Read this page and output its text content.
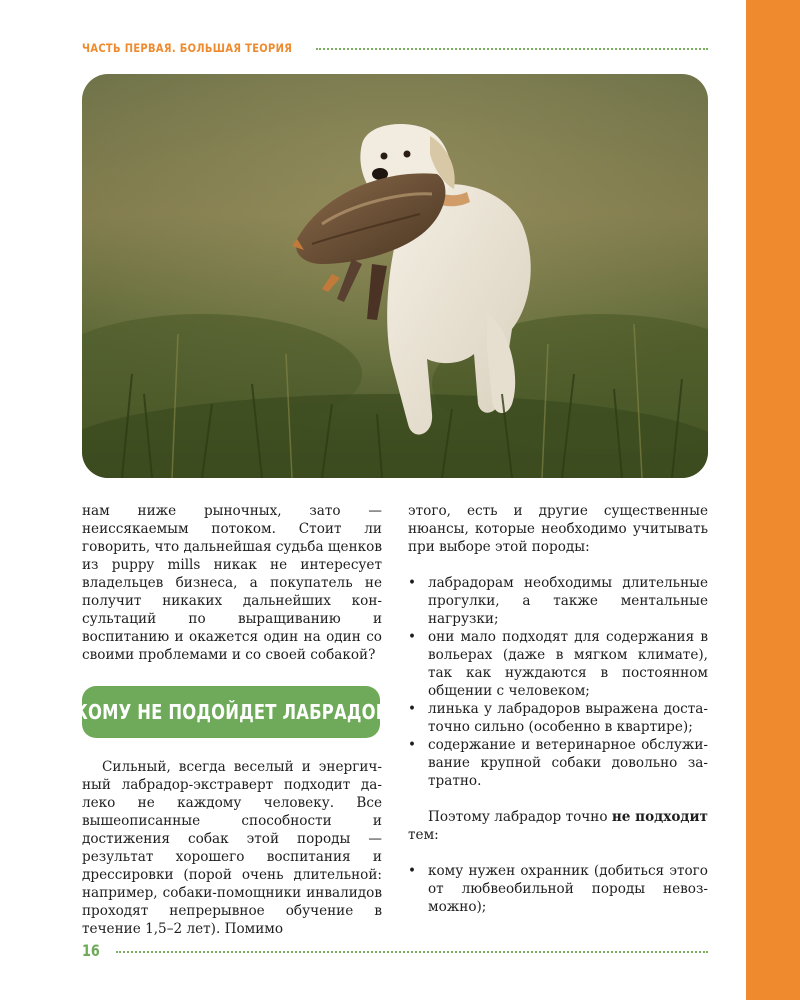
ЧАСТЬ ПЕРВАЯ. БОЛЬШАЯ ТЕОРИЯ

нам ниже рыночных, зато — неиссякаемым потоком. Стоит ли говорить, что дальнейшая судьба щенков из puppy mills никак не интересует владельцев бизнеса, а покупатель не получит никаких дальнейших консультаций по выращиванию и воспитанию и окажется один на один со своими проблемами и со своей собакой?

КОМУ НЕ ПОДОЙДЕТ ЛАБРАДОР

Сильный, всегда веселый и энергичный лабрадор-экстраверт подходит далеко не каждому человеку. Все вышеописанные способности и достижения собак этой породы — результат хорошего воспитания и дрессировки (порой очень длительной: например, собаки-помощники инвалидов проходят непрерывное обучение в течение 1,5–2 лет). Помимо

этого, есть и другие существенные нюансы, которые необходимо учитывать при выборе этой породы:

• лабрадорам необходимы длительные прогулки, а также ментальные нагрузки;
• они мало подходят для содержания в вольерах (даже в мягком климате), так как нуждаются в постоянном общении с человеком;
• линька у лабрадоров выражена достаточно сильно (особенно в квартире);
• содержание и ветеринарное обслуживание крупной собаки довольно затратно.

Поэтому лабрадор точно не подходит тем:

• кому нужен охранник (добиться этого от любвеобильной породы невозможно);
16
